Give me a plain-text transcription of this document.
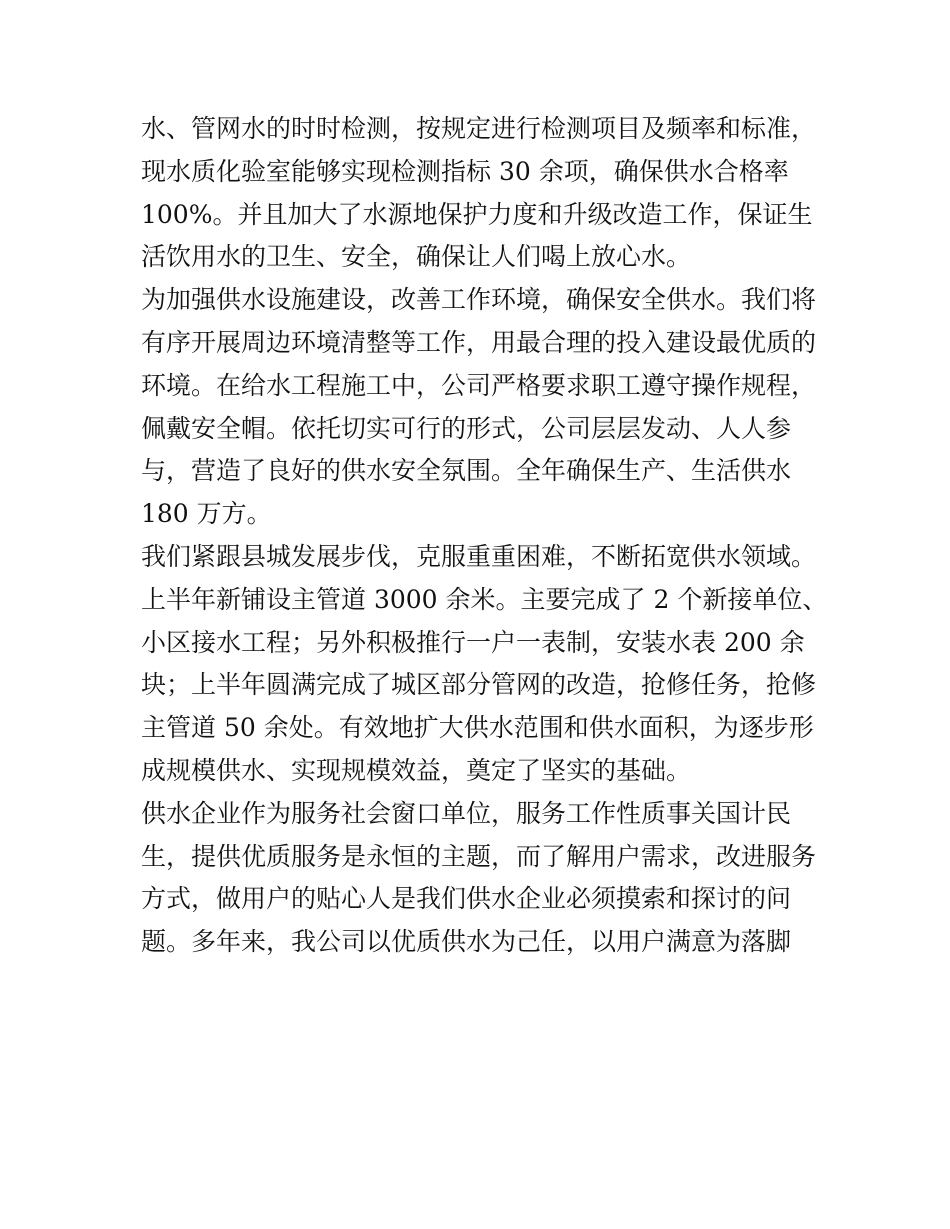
水、管网水的时时检测，按规定进行检测项目及频率和标准，
现水质化验室能够实现检测指标 30 余项，确保供水合格率
100%。并且加大了水源地保护力度和升级改造工作，保证生
活饮用水的卫生、安全，确保让人们喝上放心水。
为加强供水设施建设，改善工作环境，确保安全供水。我们将
有序开展周边环境清整等工作，用最合理的投入建设最优质的
环境。在给水工程施工中，公司严格要求职工遵守操作规程，
佩戴安全帽。依托切实可行的形式，公司层层发动、人人参
与，营造了良好的供水安全氛围。全年确保生产、生活供水
180 万方。
我们紧跟县城发展步伐，克服重重困难，不断拓宽供水领域。
上半年新铺设主管道 3000 余米。主要完成了 2 个新接单位、
小区接水工程；另外积极推行一户一表制，安装水表 200 余
块；上半年圆满完成了城区部分管网的改造，抢修任务，抢修
主管道 50 余处。有效地扩大供水范围和供水面积，为逐步形
成规模供水、实现规模效益，奠定了坚实的基础。
供水企业作为服务社会窗口单位，服务工作性质事关国计民
生，提供优质服务是永恒的主题，而了解用户需求，改进服务
方式，做用户的贴心人是我们供水企业必须摸索和探讨的问
题。多年来，我公司以优质供水为己任，以用户满意为落脚
